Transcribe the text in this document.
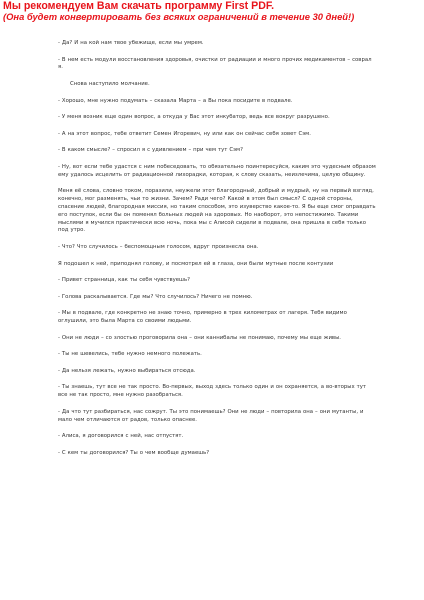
Мы рекомендуем Вам скачать программу First PDF.
(Она будет конвертировать без всяких ограничений в течение 30 дней!)

- Да? И на кой нам твое убежище, если мы умрем.

- В нем есть модули восстановления здоровья, очистки от радиации и много прочих медикаментов – соврал я.

Снова наступило молчание.

- Хорошо, мне нужно подумать – сказала Марта – а Вы пока посидите в подвале.

- У меня возник еще один вопрос, а откуда у Вас этот инкубатор, ведь все вокруг разрушено.

- А на этот вопрос, тебе ответит Семен Игоревич, ну или как он сейчас себя зовет Сэм.

- В каком смысле? – спросил я с удивлением – при чем тут Сэм?

- Ну, вот если тебе удастся с ним побеседовать, то обязательно поинтересуйся, каким это чудесным образом ему удалось исцелить от радиационной лихорадки, которая, к слову сказать, неизлечима, целую общину.

Меня её слова, словно током, поразили, неужели этот благородный, добрый и мудрый, ну на первый взгляд, конечно, мог разменять, чьи то жизни. Зачем? Ради чего? Какой в этом был смысл? С одной стороны, спасение людей, благородная миссия, но таким способом, это изуверство какое-то. Я бы еще смог оправдать его поступок, если бы он поменял больных людей на здоровых. Но наоборот, это непостижимо. Такими мыслями я мучился практически всю ночь, пока мы с Алисой сидели в подвале, она пришла в себя только под утро.

- Что? Что случилось – беспомощным голосом, вдруг произнесла она.

Я подошел к ней, приподнял голову, и посмотрел ей в глаза, они были мутные после контузии

- Привет странница, как ты себя чувствуешь?

- Голова раскалывается. Где мы? Что случилось? Ничего не помню.

- Мы в подвале, где конкретно не знаю точно, примерно в трех километрах от лагеря. Тебя видимо оглушили, это была Марта со своими людьми.

- Они не люди – со злостью проговорила она – они каннибалы не понимаю, почему мы еще живы.

- Ты не шевелись, тебе нужно немного полежать.

- Да нельзя лежать, нужно выбираться отсюда.

- Ты знаешь, тут все не так просто. Во-первых, выход здесь только один и он охраняется, а во-вторых тут все не так просто, мне нужно разобраться.

- Да что тут разбираться, нас сожрут. Ты это понимаешь? Они не люди – повторила она – они мутанты, и мало чем отличаются от радов, только опаснее.

- Алиса, я договорился с ней, нас отпустят.

- С кем ты договорился? Ты о чем вообще думаешь?
